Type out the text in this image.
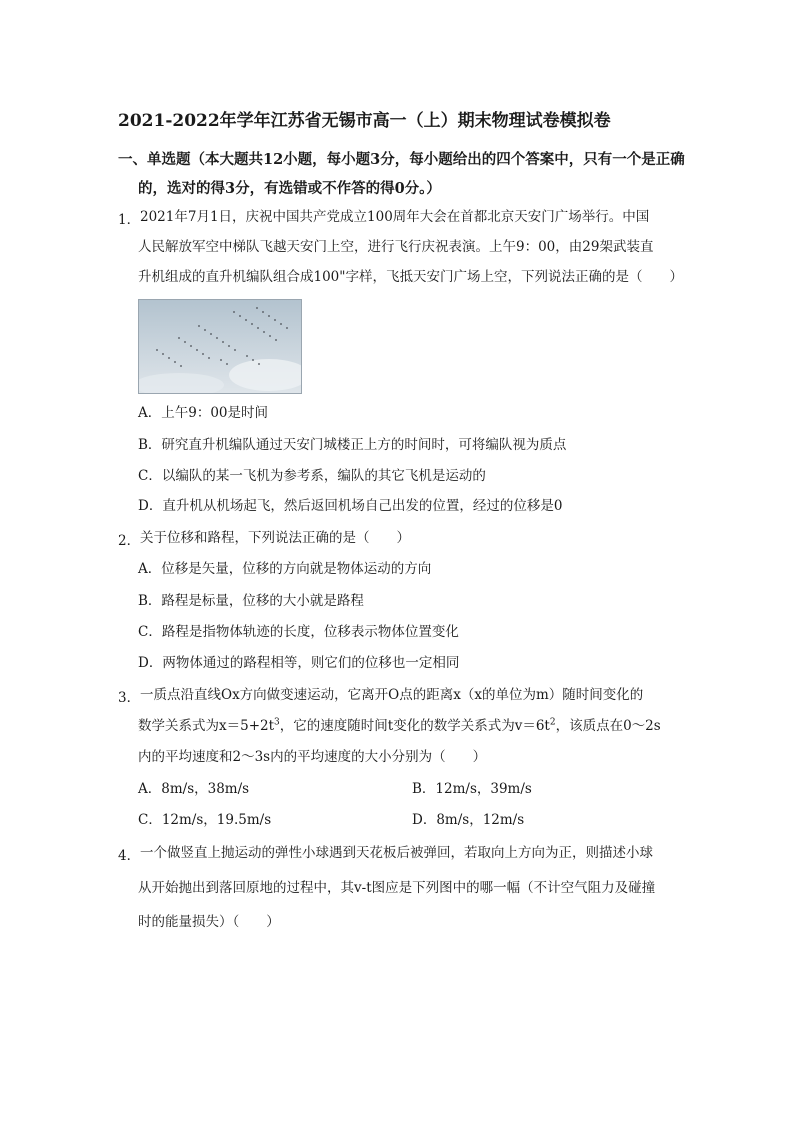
2021-2022年学年江苏省无锡市高一（上）期末物理试卷模拟卷
一、单选题（本大题共12小题，每小题3分，每小题给出的四个答案中，只有一个是正确
的，选对的得3分，有选错或不作答的得0分。）
1． 2021年7月1日，庆祝中国共产党成立100周年大会在首都北京天安门广场举行。中国
人民解放军空中梯队飞越天安门上空，进行飞行庆祝表演。上午9：00，由29架武装直
升机组成的直升机编队组合成100"字样，飞抵天安门广场上空，下列说法正确的是（　　）
A．上午9：00是时间
B．研究直升机编队通过天安门城楼正上方的时间时，可将编队视为质点
C．以编队的某一飞机为参考系，编队的其它飞机是运动的
D．直升机从机场起飞，然后返回机场自己出发的位置，经过的位移是0
2． 关于位移和路程，下列说法正确的是（　　）
A．位移是矢量，位移的方向就是物体运动的方向
B．路程是标量，位移的大小就是路程
C．路程是指物体轨迹的长度，位移表示物体位置变化
D．两物体通过的路程相等，则它们的位移也一定相同
3． 一质点沿直线Ox方向做变速运动，它离开O点的距离x（x的单位为m）随时间变化的
数学关系式为$x=5+2t^3$，它的速度随时间t变化的数学关系式为$v=6t^2$，该质点在0～2s
内的平均速度和2～3s内的平均速度的大小分别为（　　）
A．8m/s，38m/s	B．12m/s，39m/s
C．12m/s，19.5m/s	D．8m/s，12m/s
4． 一个做竖直上抛运动的弹性小球遇到天花板后被弹回，若取向上方向为正，则描述小球
从开始抛出到落回原地的过程中，其v-t图应是下列图中的哪一幅（不计空气阻力及碰撞
时的能量损失）（　　）
